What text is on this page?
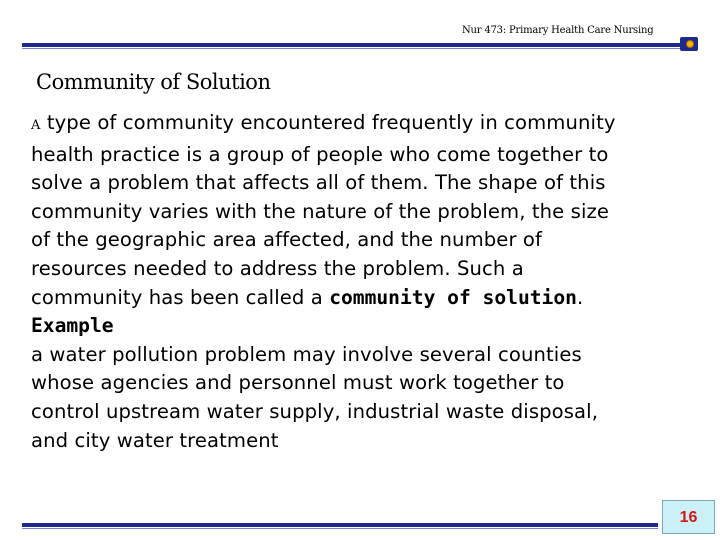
Nur 473: Primary Health Care Nursing
Community of Solution
A type of community encountered frequently in community
health practice is a group of people who come together to
solve a problem that affects all of them. The shape of this
community varies with the nature of the problem, the size
of the geographic area affected, and the number of
resources needed to address the problem. Such a
community has been called a community of solution.
Example
a water pollution problem may involve several counties
whose agencies and personnel must work together to
control upstream water supply, industrial waste disposal,
and city water treatment
16
